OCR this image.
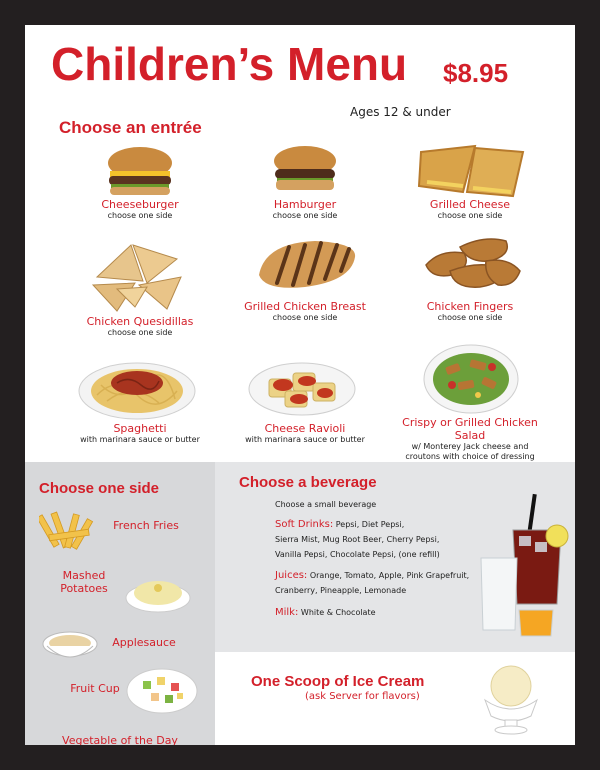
Children’s Menu $8.95
Ages 12 & under
Choose an entrée
Cheeseburger
choose one side
Hamburger
choose one side
Grilled Cheese
choose one side
Chicken Quesidillas
choose one side
Grilled Chicken Breast
choose one side
Chicken Fingers
choose one side
Spaghetti
with marinara sauce or butter
Cheese Ravioli
with marinara sauce or butter
Crispy or Grilled Chicken Salad
w/ Monterey Jack cheese and croutons with choice of dressing
Choose one side
French Fries
Mashed Potatoes
Applesauce
Fruit Cup
Vegetable of the Day
Choose a beverage
Choose a small beverage
Soft Drinks: Pepsi, Diet Pepsi,
Sierra Mist, Mug Root Beer, Cherry Pepsi,
Vanilla Pepsi, Chocolate Pepsi, (one refill)
Juices: Orange, Tomato, Apple, Pink Grapefruit,
Cranberry, Pineapple, Lemonade
Milk: White & Chocolate
One Scoop of Ice Cream
(ask Server for flavors)
